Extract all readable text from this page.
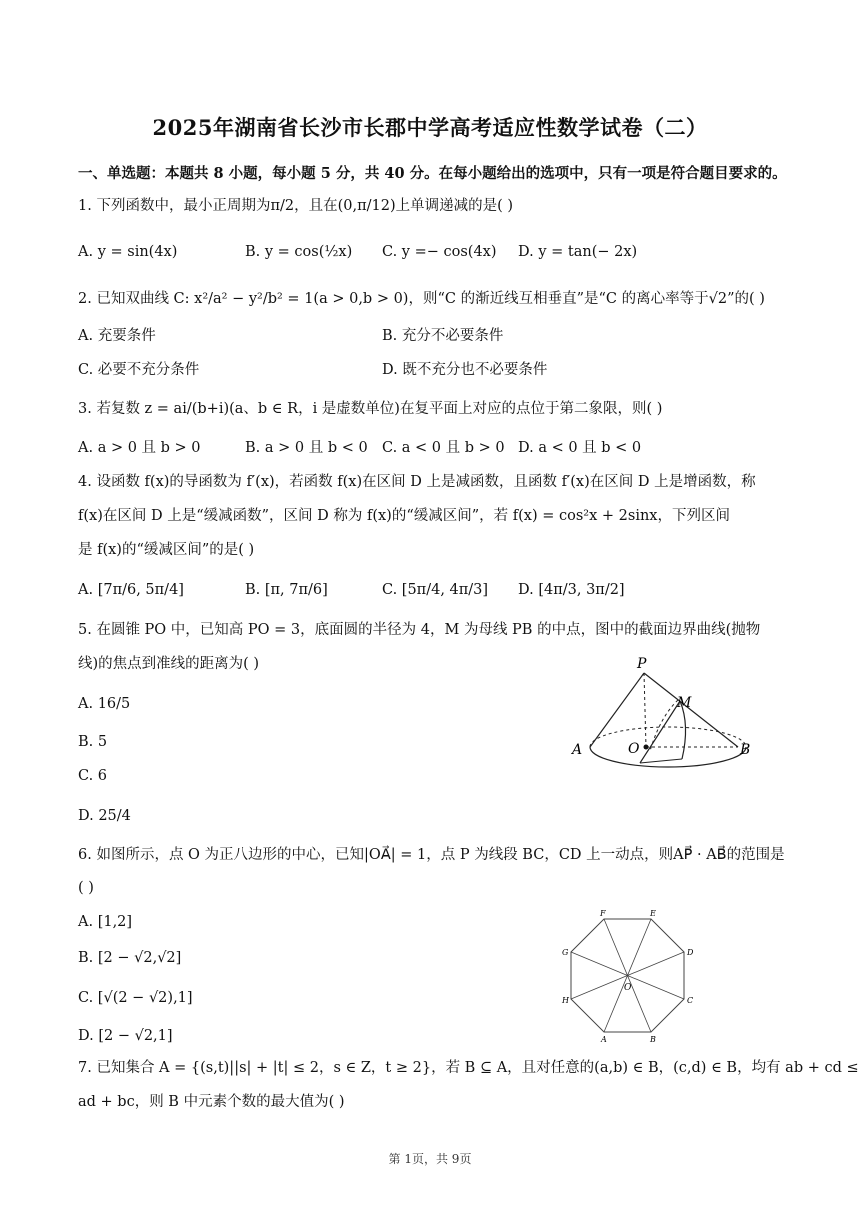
2025年湖南省长沙市长郡中学高考适应性数学试卷（二）
一、单选题：本题共 8 小题，每小题 5 分，共 40 分。在每小题给出的选项中，只有一项是符合题目要求的。
1. 下列函数中，最小正周期为π/2，且在(0,π/12)上单调递减的是( )
A. y = sin(4x)	B. y = cos(½x) C. y =− cos(4x) D. y = tan(− 2x)
2. 已知双曲线 C: x²/a² − y²/b² = 1(a > 0,b > 0)，则“C 的渐近线互相垂直”是“C 的离心率等于√2”的( )
A. 充要条件	B. 充分不必要条件
C. 必要不充分条件	D. 既不充分也不必要条件
3. 若复数 z = ai/(b+i)(a、b ∈ R，i 是虚数单位)在复平面上对应的点位于第二象限，则( )
A. a > 0 且 b > 0	B. a > 0 且 b < 0 C. a < 0 且 b > 0 D. a < 0 且 b < 0
4. 设函数 f(x)的导函数为 f′(x)，若函数 f(x)在区间 D 上是减函数，且函数 f′(x)在区间 D 上是增函数，称
f(x)在区间 D 上是“缓减函数”，区间 D 称为 f(x)的“缓减区间”，若 f(x) = cos²x + 2sinx，下列区间
是 f(x)的“缓减区间”的是( )
A. [7π/6, 5π/4]	B. [π, 7π/6]	C. [5π/4, 4π/3] D. [4π/3, 3π/2]
5. 在圆锥 PO 中，已知高 PO = 3，底面圆的半径为 4，M 为母线 PB 的中点，图中的截面边界曲线(抛物
线)的焦点到准线的距离为( )
A. 16/5
B. 5
C. 6
D. 25/4
P
M
A	O	B
6. 如图所示，点 O 为正八边形的中心，已知|OA⃗| = 1，点 P 为线段 BC，CD 上一动点，则AP⃗ · AB⃗的范围是
( )
A. [1,2]
B. [2 − √2,√2]
C. [√(2 − √2),1]
D. [2 − √2,1]
F	E
G	D
O
H	C
A	B
7. 已知集合 A = {(s,t)||s| + |t| ≤ 2，s ∈ Z，t ≥ 2}，若 B ⊆ A，且对任意的(a,b) ∈ B，(c,d) ∈ B，均有 ab + cd ≤
ad + bc，则 B 中元素个数的最大值为( )
第 1页，共 9页
